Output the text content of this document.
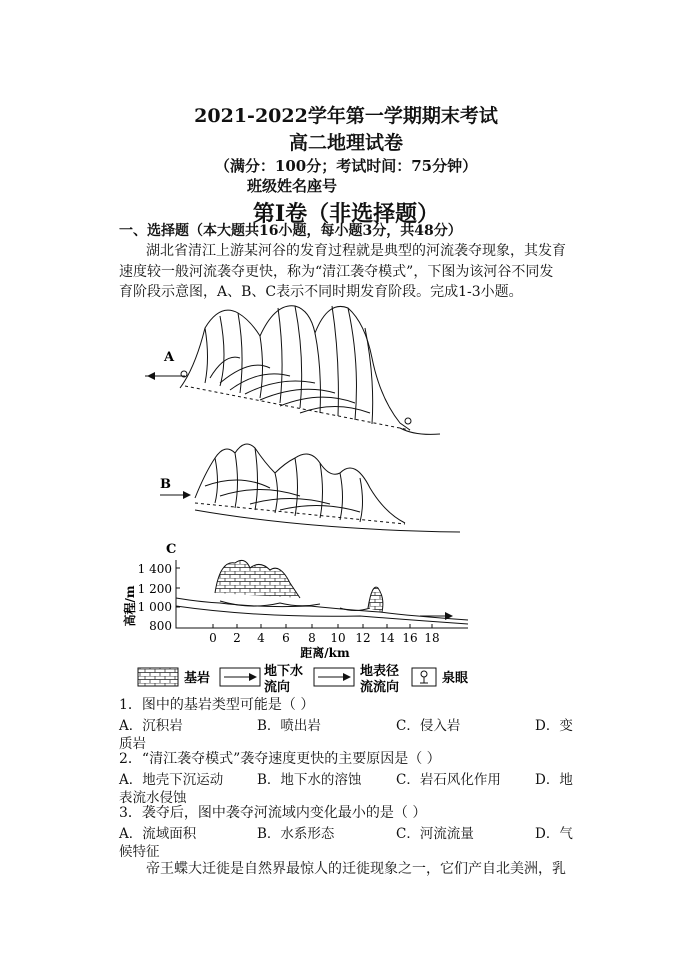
2021-2022学年第一学期期末考试
高二地理试卷
（满分：100分；考试时间：75分钟）
班级姓名座号
第Ⅰ卷（非选择题）
一、选择题（本大题共16小题，每小题3分，共48分）
湖北省清江上游某河谷的发育过程就是典型的河流袭夺现象，其发育
速度较一般河流袭夺更快，称为“清江袭夺模式”，下图为该河谷不同发
育阶段示意图，A、B、C表示不同时期发育阶段。完成1-3小题。
A
B
C
高程/m
1 400
1 200
1 000
800
0 2 4 6 8 10 12 14 16 18
距离/km
基岩	地下水
流向
地表径
流流向
泉眼
1．图中的基岩类型可能是（ ）
A．沉积岩	B．喷出岩	C．侵入岩	D．变
质岩
2．“清江袭夺模式”袭夺速度更快的主要原因是（ ）
A．地壳下沉运动	B．地下水的溶蚀	C．岩石风化作用	D．地
表流水侵蚀
3．袭夺后，图中袭夺河流域内变化最小的是（ ）
A．流域面积	B．水系形态	C．河流流量	D．气
候特征
帝王蝶大迁徙是自然界最惊人的迁徙现象之一，它们产自北美洲，乳
